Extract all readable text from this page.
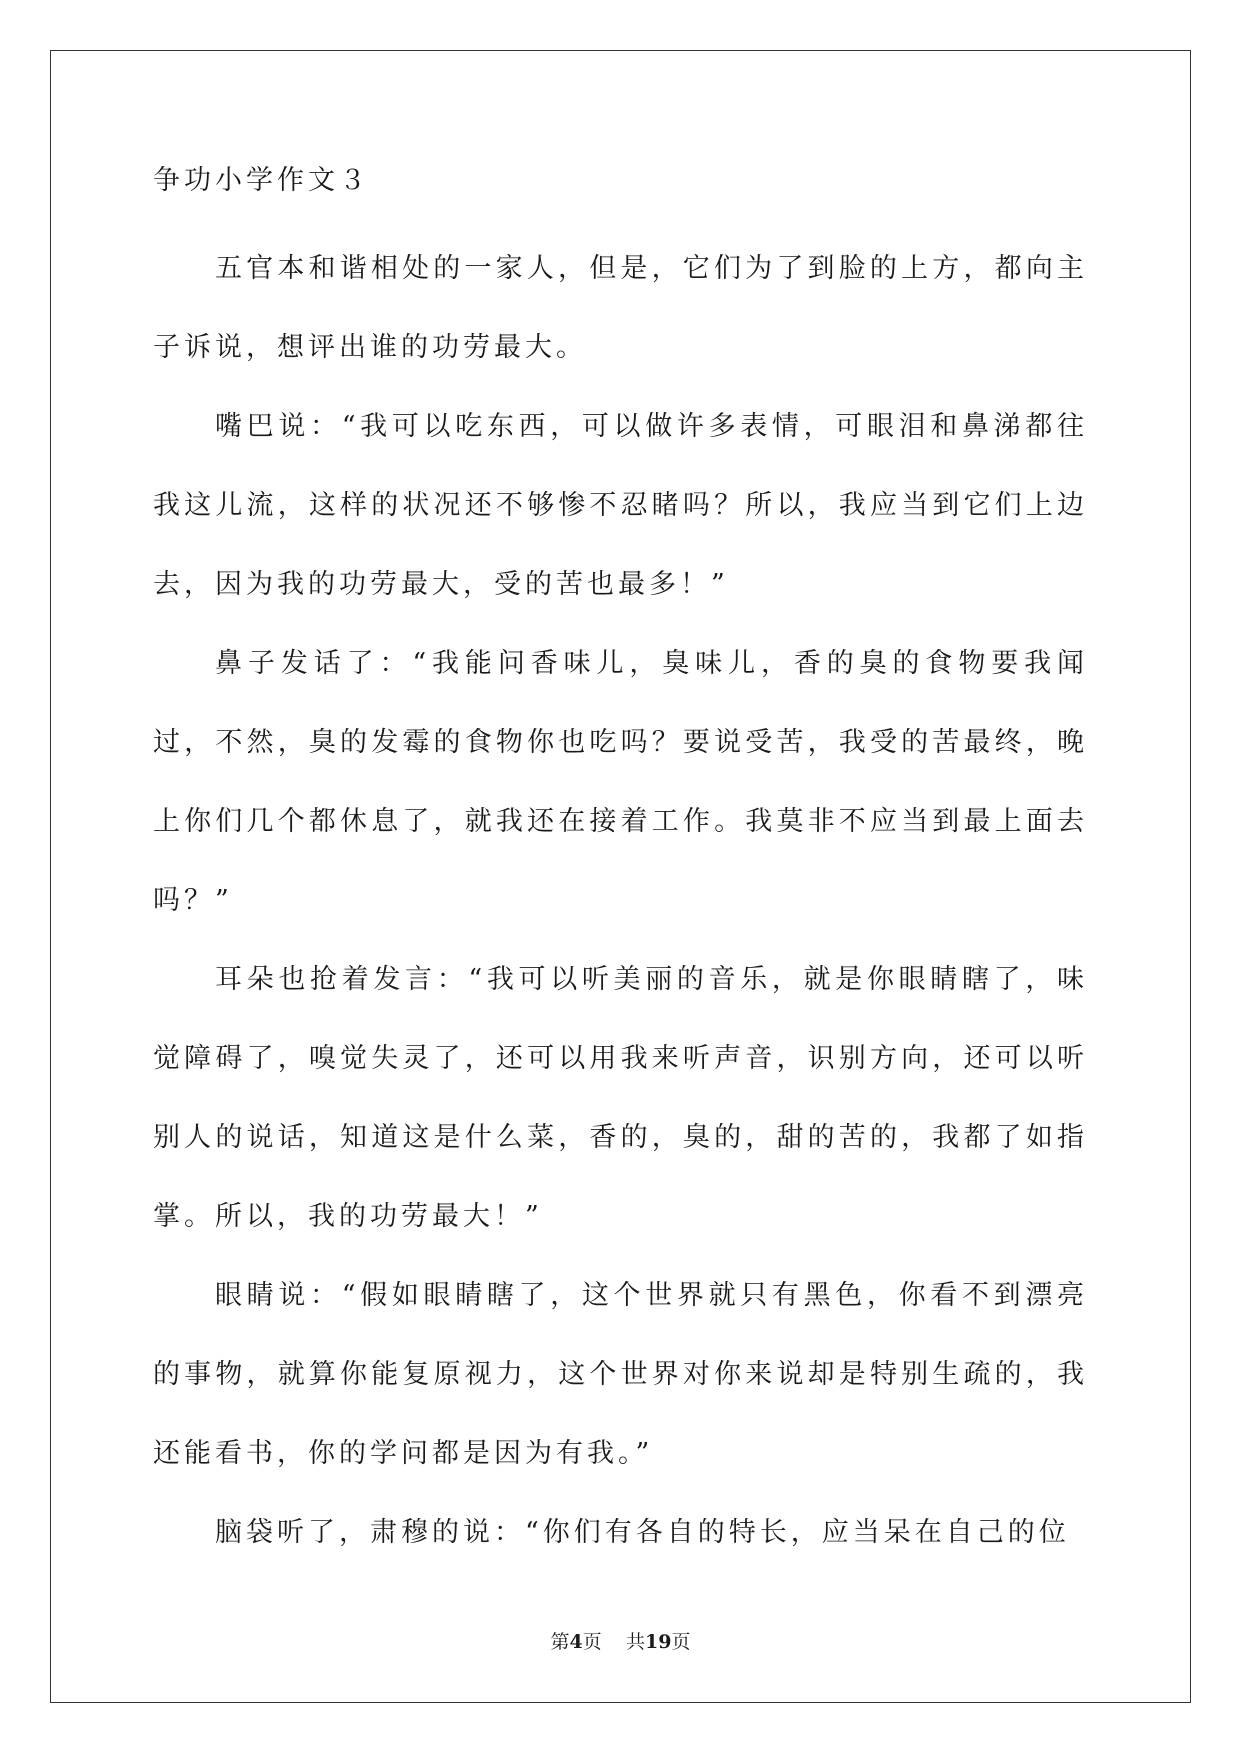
争功小学作文３

五官本和谐相处的一家人，但是，它们为了到脸的上方，都向主子诉说，想评出谁的功劳最大。

嘴巴说：“我可以吃东西，可以做许多表情，可眼泪和鼻涕都往我这儿流，这样的状况还不够惨不忍睹吗？所以，我应当到它们上边去，因为我的功劳最大，受的苦也最多！”

鼻子发话了：“我能问香味儿，臭味儿，香的臭的食物要我闻过，不然，臭的发霉的食物你也吃吗？要说受苦，我受的苦最终，晚上你们几个都休息了，就我还在接着工作。我莫非不应当到最上面去吗？”

耳朵也抢着发言：“我可以听美丽的音乐，就是你眼睛瞎了，味觉障碍了，嗅觉失灵了，还可以用我来听声音，识别方向，还可以听别人的说话，知道这是什么菜，香的，臭的，甜的苦的，我都了如指掌。所以，我的功劳最大！”

眼睛说：“假如眼睛瞎了，这个世界就只有黑色，你看不到漂亮的事物，就算你能复原视力，这个世界对你来说却是特别生疏的，我还能看书，你的学问都是因为有我。”

脑袋听了，肃穆的说：“你们有各自的特长，应当呆在自己的位

第4页 共19页
